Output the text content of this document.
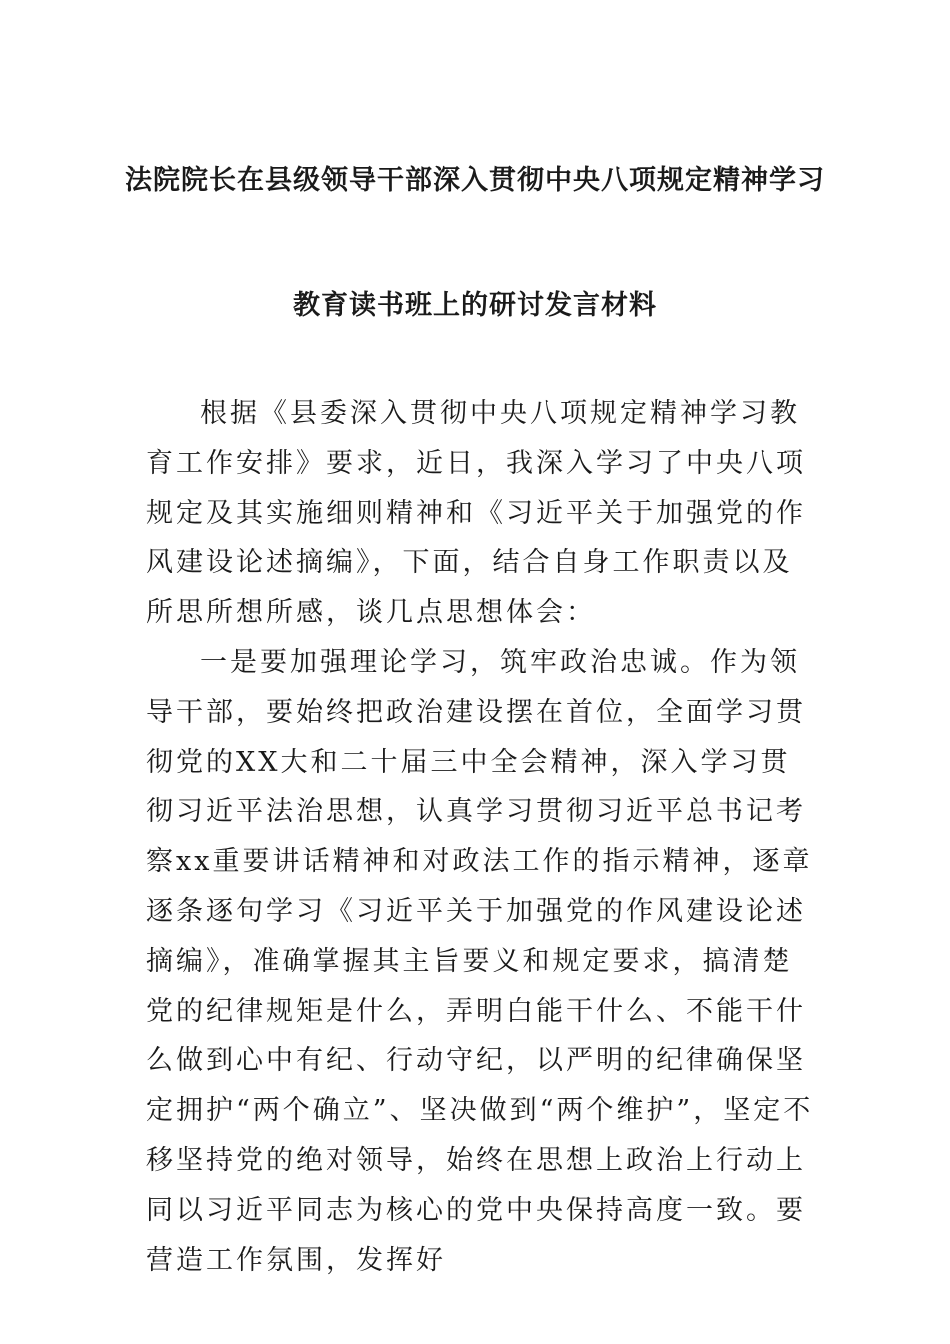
法院院长在县级领导干部深入贯彻中央八项规定精神学习
教育读书班上的研讨发言材料

根据《县委深入贯彻中央八项规定精神学习教育工作安排》要求，近日，我深入学习了中央八项规定及其实施细则精神和《习近平关于加强党的作风建设论述摘编》，下面，结合自身工作职责以及所思所想所感，谈几点思想体会：

一是要加强理论学习，筑牢政治忠诚。作为领导干部，要始终把政治建设摆在首位，全面学习贯彻党的XX大和二十届三中全会精神，深入学习贯彻习近平法治思想，认真学习贯彻习近平总书记考察xx重要讲话精神和对政法工作的指示精神，逐章逐条逐句学习《习近平关于加强党的作风建设论述摘编》，准确掌握其主旨要义和规定要求，搞清楚党的纪律规矩是什么，弄明白能干什么、不能干什么做到心中有纪、行动守纪，以严明的纪律确保坚定拥护“两个确立”、坚决做到“两个维护”，坚定不移坚持党的绝对领导，始终在思想上政治上行动上同以习近平同志为核心的党中央保持高度一致。要营造工作氛围，发挥好
